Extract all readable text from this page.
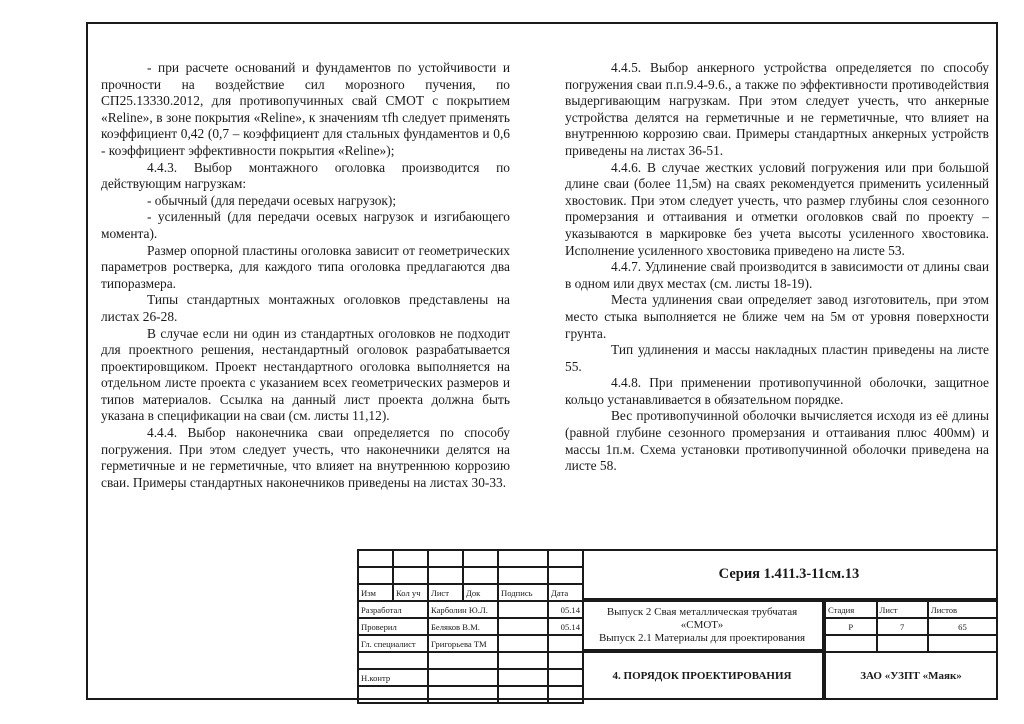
- при расчете оснований и фундаментов по устойчивости и прочности на воздействие сил морозного пучения, по СП25.13330.2012, для противопучинных свай СМОТ с покрытием «Reline», в зоне покрытия «Reline», к значениям τfh следует применять коэффициент 0,42 (0,7 – коэффициент для стальных фундаментов и 0,6 - коэффициент эффективности покрытия «Reline»);

4.4.3. Выбор монтажного оголовка производится по действующим нагрузкам:

- обычный (для передачи осевых нагрузок);

- усиленный (для передачи осевых нагрузок и изгибающего момента).

Размер опорной пластины оголовка зависит от геометрических параметров ростверка, для каждого типа оголовка предлагаются два типоразмера.

Типы стандартных монтажных оголовков представлены на листах 26-28.

В случае если ни один из стандартных оголовков не подходит для проектного решения, нестандартный оголовок разрабатывается проектировщиком. Проект нестандартного оголовка выполняется на отдельном листе проекта с указанием всех геометрических размеров и типов материалов. Ссылка на данный лист проекта должна быть указана в спецификации на сваи (см. листы 11,12).

4.4.4. Выбор наконечника сваи определяется по способу погружения. При этом следует учесть, что наконечники делятся на герметичные и не герметичные, что влияет на внутреннюю коррозию сваи. Примеры стандартных наконечников приведены на листах 30-33.

4.4.5. Выбор анкерного устройства определяется по способу погружения сваи п.п.9.4-9.6., а также по эффективности противодействия выдергивающим нагрузкам. При этом следует учесть, что анкерные устройства делятся на герметичные и не герметичные, что влияет на внутреннюю коррозию сваи. Примеры стандартных анкерных устройств приведены на листах 36-51.

4.4.6. В случае жестких условий погружения или при большой длине сваи (более 11,5м) на сваях рекомендуется применить усиленный хвостовик. При этом следует учесть, что размер глубины слоя сезонного промерзания и оттаивания и отметки оголовков свай по проекту – указываются в маркировке без учета высоты усиленного хвостовика. Исполнение усиленного хвостовика приведено на листе 53.

4.4.7. Удлинение свай производится в зависимости от длины сваи в одном или двух местах (см. листы 18-19).

Места удлинения сваи определяет завод изготовитель, при этом место стыка выполняется не ближе чем на 5м от уровня поверхности грунта.

Тип удлинения и массы накладных пластин приведены на листе 55.

4.4.8. При применении противопучинной оболочки, защитное кольцо устанавливается в обязательном порядке.

Вес противопучинной оболочки вычисляется исходя из её длины (равной глубине сезонного промерзания и оттаивания плюс 400мм) и массы 1п.м. Схема установки противопучинной оболочки приведена на листе 58.

Изм	Кол уч	Лист	Док	Подпись	Дата
Разработал		Карболин Ю.Л.			05.14
Проверил		Беляков В.М.			05.14
Гл. специалист		Григорьева ТМ			

Н.контр					

Серия 1.411.3-11см.13
Выпуск 2 Свая металлическая трубчатая
«СМОТ»
Выпуск 2.1 Материалы для проектирования
Стадия	Лист	Листов
Р	7	65

4. ПОРЯДОК ПРОЕКТИРОВАНИЯ	ЗАО «УЗПТ «Маяк»
